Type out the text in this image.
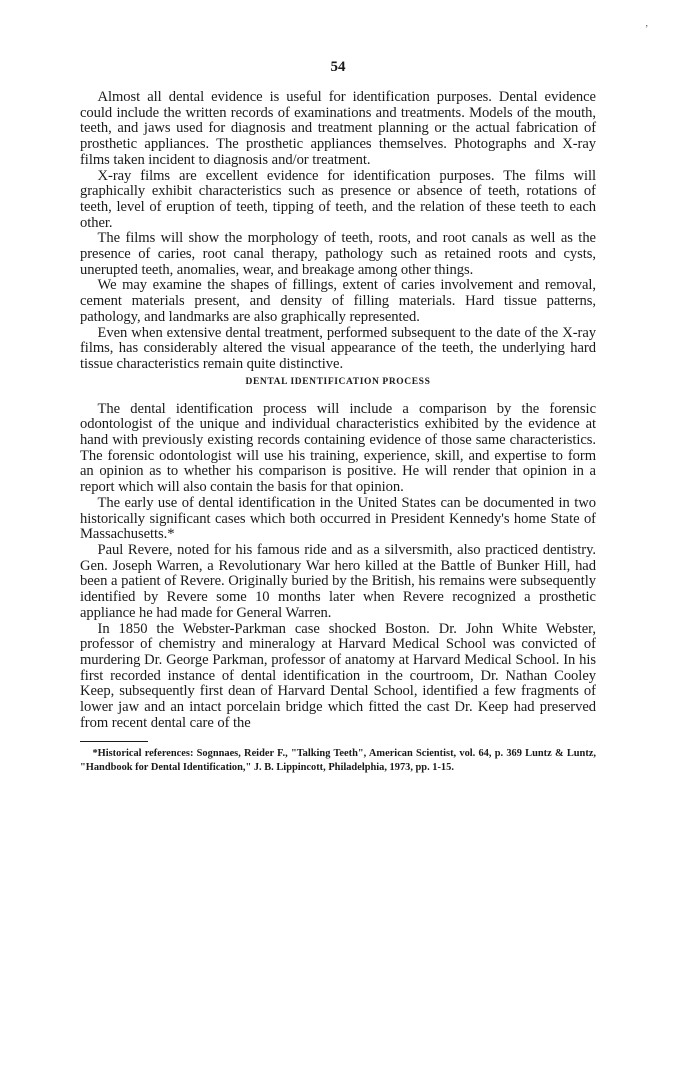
ʼ
54

Almost all dental evidence is useful for identification purposes. Dental evidence could include the written records of examinations and treatments. Models of the mouth, teeth, and jaws used for diagnosis and treatment planning or the actual fabrication of prosthetic appliances. The prosthetic appliances themselves. Photographs and X-ray films taken incident to diagnosis and/or treatment.

X-ray films are excellent evidence for identification purposes. The films will graphically exhibit characteristics such as presence or absence of teeth, rotations of teeth, level of eruption of teeth, tipping of teeth, and the relation of these teeth to each other.

The films will show the morphology of teeth, roots, and root canals as well as the presence of caries, root canal therapy, pathology such as retained roots and cysts, unerupted teeth, anomalies, wear, and breakage among other things.

We may examine the shapes of fillings, extent of caries involvement and removal, cement materials present, and density of filling materials. Hard tissue patterns, pathology, and landmarks are also graphically represented.

Even when extensive dental treatment, performed subsequent to the date of the X-ray films, has considerably altered the visual appearance of the teeth, the underlying hard tissue characteristics remain quite distinctive.

DENTAL IDENTIFICATION PROCESS

The dental identification process will include a comparison by the forensic odontologist of the unique and individual characteristics exhibited by the evidence at hand with previously existing records containing evidence of those same characteristics. The forensic odontologist will use his training, experience, skill, and expertise to form an opinion as to whether his comparison is positive. He will render that opinion in a report which will also contain the basis for that opinion.

The early use of dental identification in the United States can be documented in two historically significant cases which both occurred in President Kennedy's home State of Massachusetts.*

Paul Revere, noted for his famous ride and as a silversmith, also practiced dentistry. Gen. Joseph Warren, a Revolutionary War hero killed at the Battle of Bunker Hill, had been a patient of Revere. Originally buried by the British, his remains were subsequently identified by Revere some 10 months later when Revere recognized a prosthetic appliance he had made for General Warren.

In 1850 the Webster-Parkman case shocked Boston. Dr. John White Webster, professor of chemistry and mineralogy at Harvard Medical School was convicted of murdering Dr. George Parkman, professor of anatomy at Harvard Medical School. In his first recorded instance of dental identification in the courtroom, Dr. Nathan Cooley Keep, subsequently first dean of Harvard Dental School, identified a few fragments of lower jaw and an intact porcelain bridge which fitted the cast Dr. Keep had preserved from recent dental care of the

*Historical references: Sognnaes, Reider F., "Talking Teeth", American Scientist, vol. 64, p. 369 Luntz & Luntz, "Handbook for Dental Identification," J. B. Lippincott, Philadelphia, 1973, pp. 1-15.
